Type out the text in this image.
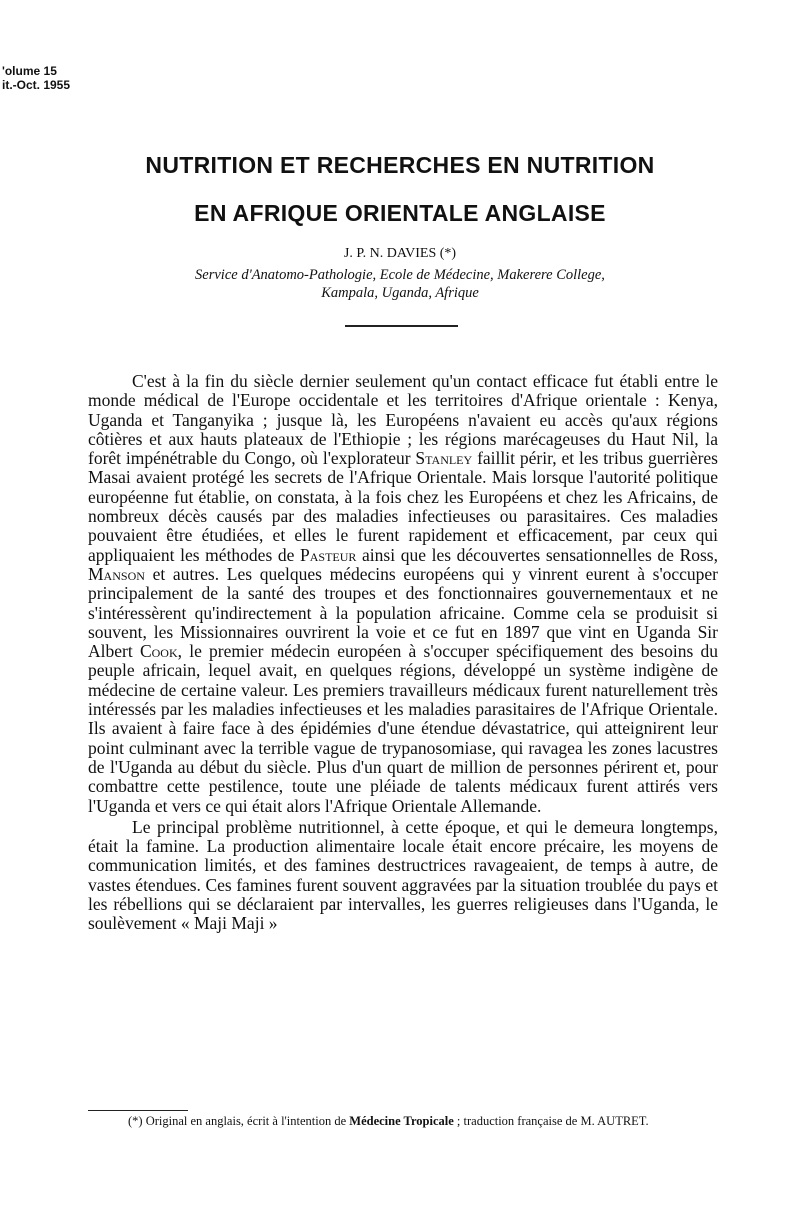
'olume 15
it.-Oct. 1955
NUTRITION ET RECHERCHES EN NUTRITION
EN AFRIQUE ORIENTALE ANGLAISE
J. P. N. DAVIES (*)
Service d'Anatomo-Pathologie, Ecole de Médecine, Makerere College,
Kampala, Uganda, Afrique

C'est à la fin du siècle dernier seulement qu'un contact efficace fut établi entre le monde médical de l'Europe occidentale et les territoires d'Afrique orientale : Kenya, Uganda et Tanganyika ; jusque là, les Européens n'avaient eu accès qu'aux régions côtières et aux hauts plateaux de l'Ethiopie ; les régions marécageuses du Haut Nil, la forêt impénétrable du Congo, où l'explorateur Stanley faillit périr, et les tribus guerrières Masai avaient protégé les secrets de l'Afrique Orientale. Mais lorsque l'autorité politique européenne fut établie, on constata, à la fois chez les Européens et chez les Africains, de nombreux décès causés par des maladies infectieuses ou parasitaires. Ces maladies pouvaient être étudiées, et elles le furent rapidement et efficacement, par ceux qui appliquaient les méthodes de Pasteur ainsi que les découvertes sensationnelles de Ross, Manson et autres. Les quelques médecins européens qui y vinrent eurent à s'occuper principalement de la santé des troupes et des fonctionnaires gouvernementaux et ne s'intéressèrent qu'indirectement à la population africaine. Comme cela se produisit si souvent, les Missionnaires ouvrirent la voie et ce fut en 1897 que vint en Uganda Sir Albert Cook, le premier médecin européen à s'occuper spécifiquement des besoins du peuple africain, lequel avait, en quelques régions, développé un système indigène de médecine de certaine valeur. Les premiers travailleurs médicaux furent naturellement très intéressés par les maladies infectieuses et les maladies parasitaires de l'Afrique Orientale. Ils avaient à faire face à des épidémies d'une étendue dévastatrice, qui atteignirent leur point culminant avec la terrible vague de trypanosomiase, qui ravagea les zones lacustres de l'Uganda au début du siècle. Plus d'un quart de million de personnes périrent et, pour combattre cette pestilence, toute une pléiade de talents médicaux furent attirés vers l'Uganda et vers ce qui était alors l'Afrique Orientale Allemande.

Le principal problème nutritionnel, à cette époque, et qui le demeura longtemps, était la famine. La production alimentaire locale était encore précaire, les moyens de communication limités, et des famines destructrices ravageaient, de temps à autre, de vastes étendues. Ces famines furent souvent aggravées par la situation troublée du pays et les rébellions qui se déclaraient par intervalles, les guerres religieuses dans l'Uganda, le soulèvement « Maji Maji »

(*) Original en anglais, écrit à l'intention de Médecine Tropicale ; traduction française de M. AUTRET.
